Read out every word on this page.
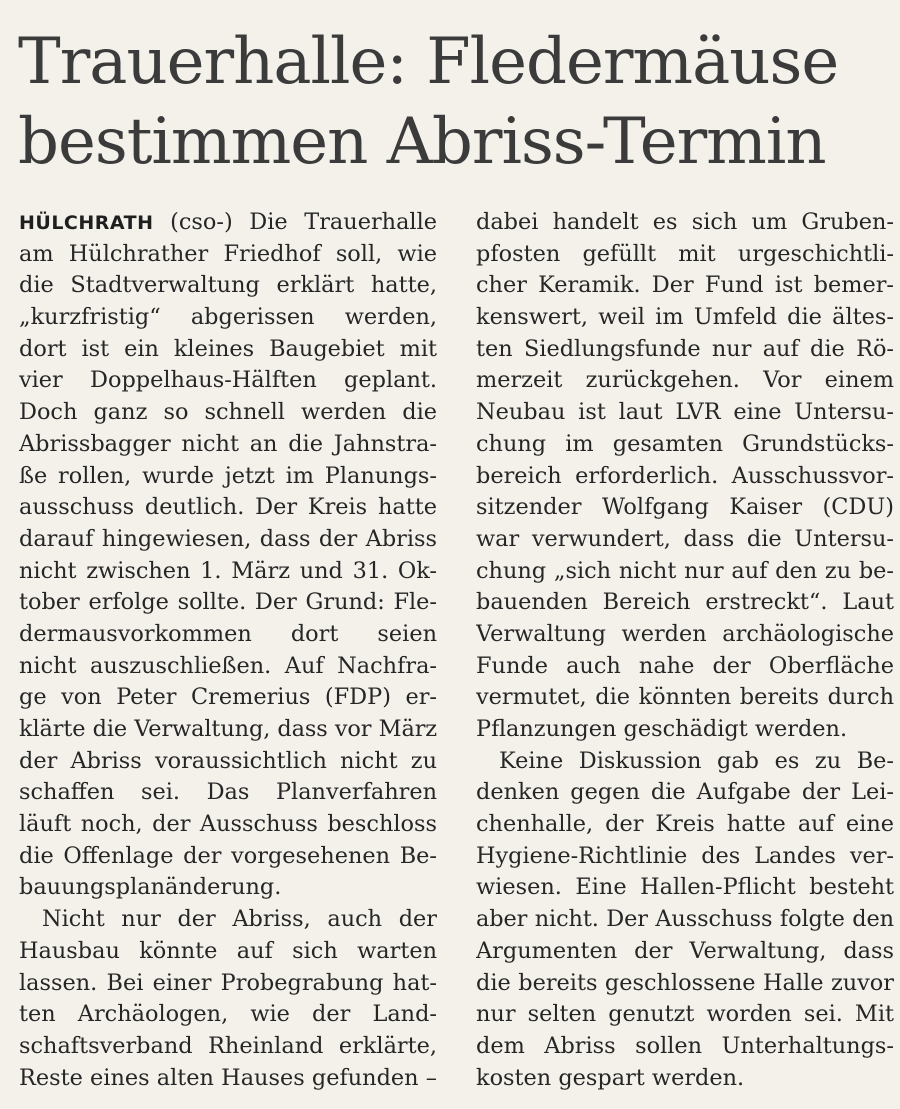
Trauerhalle: Fledermäuse
bestimmen Abriss-Termin
HÜLCHRATH (cso-) Die Trauerhalle
am Hülchrather Friedhof soll, wie
die Stadtverwaltung erklärt hatte,
„kurzfristig“ abgerissen werden,
dort ist ein kleines Baugebiet mit
vier Doppelhaus-Hälften geplant.
Doch ganz so schnell werden die
Abrissbagger nicht an die Jahnstra-
ße rollen, wurde jetzt im Planungs-
ausschuss deutlich. Der Kreis hatte
darauf hingewiesen, dass der Abriss
nicht zwischen 1. März und 31. Ok-
tober erfolge sollte. Der Grund: Fle-
dermausvorkommen dort seien
nicht auszuschließen. Auf Nachfra-
ge von Peter Cremerius (FDP) er-
klärte die Verwaltung, dass vor März
der Abriss voraussichtlich nicht zu
schaffen sei. Das Planverfahren
läuft noch, der Ausschuss beschloss
die Offenlage der vorgesehenen Be-
bauungsplanänderung.
Nicht nur der Abriss, auch der
Hausbau könnte auf sich warten
lassen. Bei einer Probegrabung hat-
ten Archäologen, wie der Land-
schaftsverband Rheinland erklärte,
Reste eines alten Hauses gefunden –
dabei handelt es sich um Gruben-
pfosten gefüllt mit urgeschichtli-
cher Keramik. Der Fund ist bemer-
kenswert, weil im Umfeld die ältes-
ten Siedlungsfunde nur auf die Rö-
merzeit zurückgehen. Vor einem
Neubau ist laut LVR eine Untersu-
chung im gesamten Grundstücks-
bereich erforderlich. Ausschussvor-
sitzender Wolfgang Kaiser (CDU)
war verwundert, dass die Untersu-
chung „sich nicht nur auf den zu be-
bauenden Bereich erstreckt“. Laut
Verwaltung werden archäologische
Funde auch nahe der Oberfläche
vermutet, die könnten bereits durch
Pflanzungen geschädigt werden.
Keine Diskussion gab es zu Be-
denken gegen die Aufgabe der Lei-
chenhalle, der Kreis hatte auf eine
Hygiene-Richtlinie des Landes ver-
wiesen. Eine Hallen-Pflicht besteht
aber nicht. Der Ausschuss folgte den
Argumenten der Verwaltung, dass
die bereits geschlossene Halle zuvor
nur selten genutzt worden sei. Mit
dem Abriss sollen Unterhaltungs-
kosten gespart werden.
